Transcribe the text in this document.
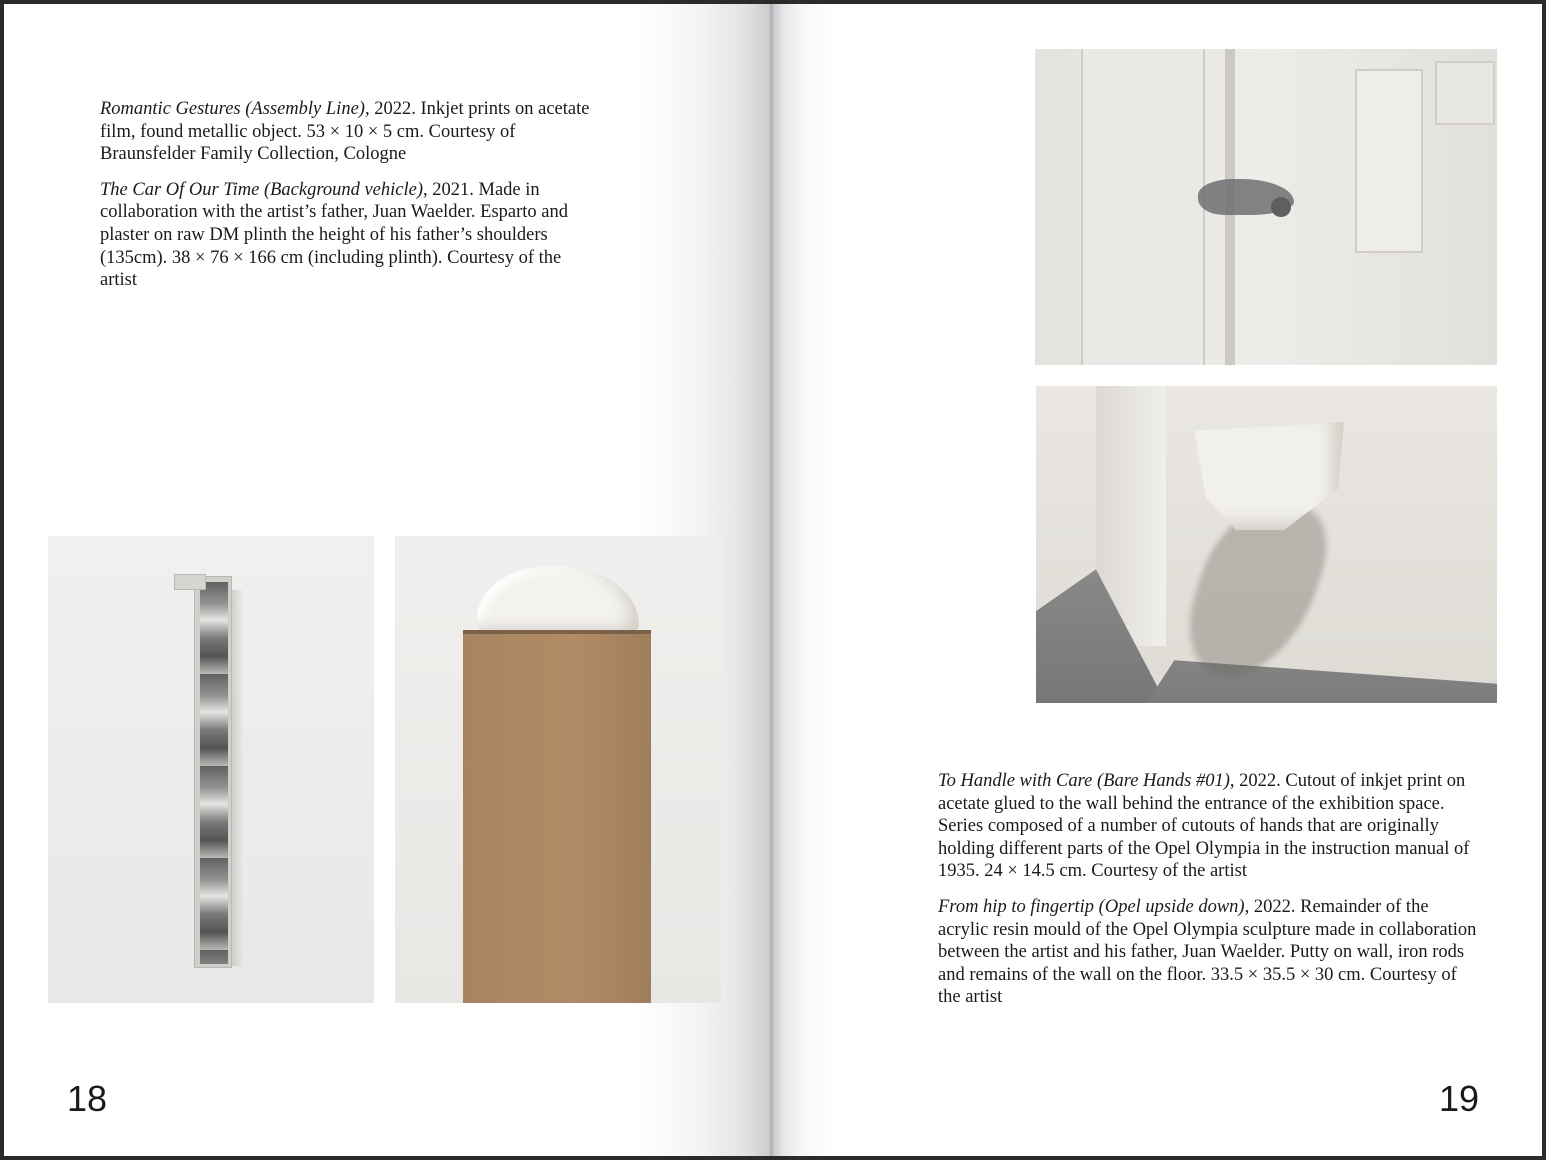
Romantic Gestures (Assembly Line), 2022. Inkjet prints on acetate film, found metallic object. 53 × 10 × 5 cm. Courtesy of Braunsfelder Family Collection, Cologne

The Car Of Our Time (Background vehicle), 2021. Made in collaboration with the artist’s father, Juan Waelder. Esparto and plaster on raw DM plinth the height of his father’s shoulders (135cm). 38 × 76 × 166 cm (including plinth). Courtesy of the artist

18

To Handle with Care (Bare Hands #01), 2022. Cutout of inkjet print on acetate glued to the wall behind the entrance of the exhibition space. Series composed of a number of cutouts of hands that are originally holding different parts of the Opel Olympia in the instruction manual of 1935. 24 × 14.5 cm. Courtesy of the artist

From hip to fingertip (Opel upside down), 2022. Remainder of the acrylic resin mould of the Opel Olympia sculpture made in collaboration between the artist and his father, Juan Waelder. Putty on wall, iron rods and remains of the wall on the floor. 33.5 × 35.5 × 30 cm. Courtesy of the artist

19
